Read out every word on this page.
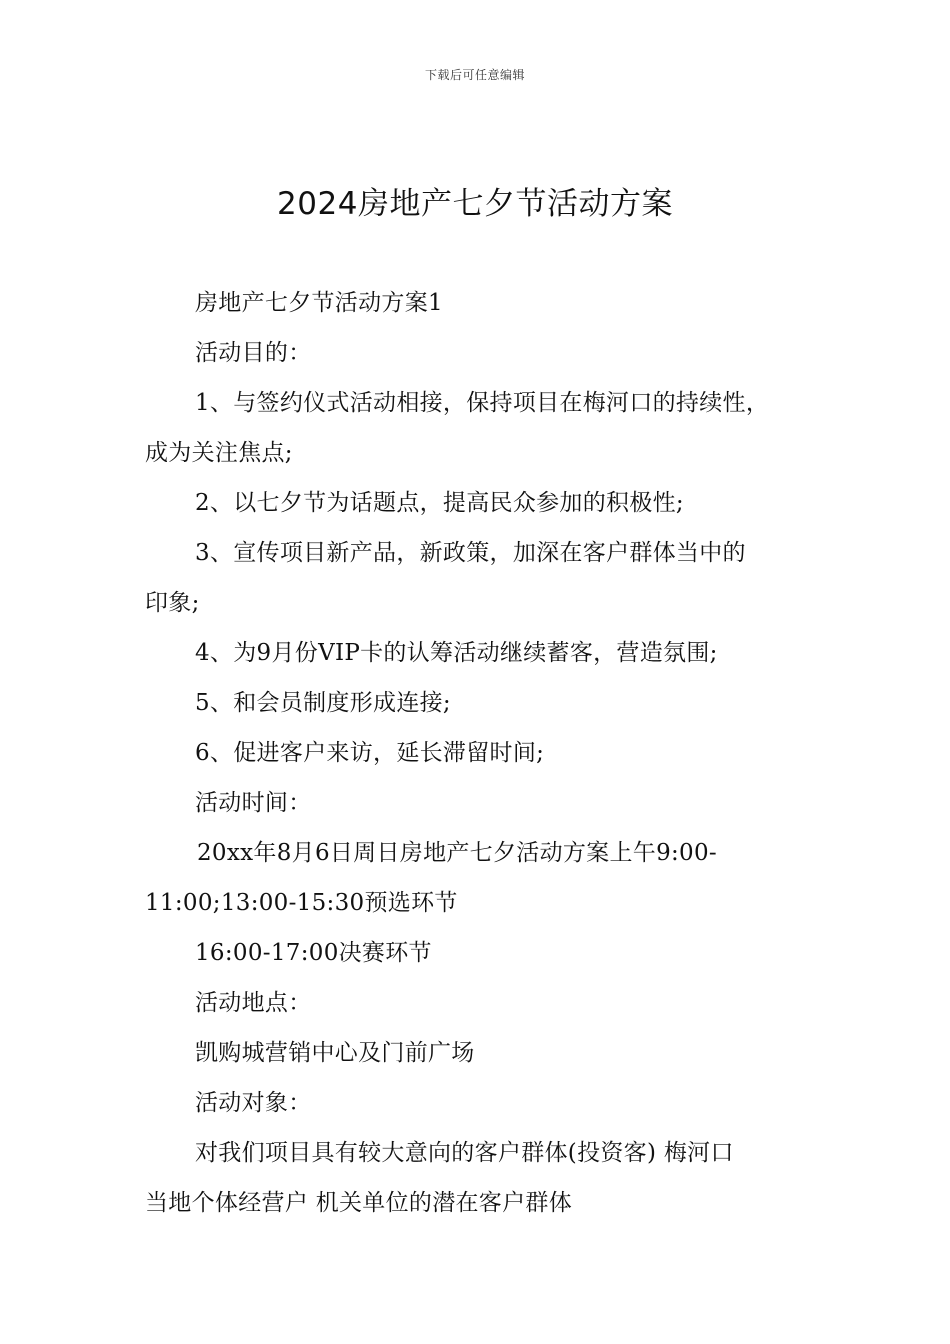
下载后可任意编辑
2024房地产七夕节活动方案
房地产七夕节活动方案1
活动目的：
1、与签约仪式活动相接，保持项目在梅河口的持续性，
成为关注焦点;
2、以七夕节为话题点，提高民众参加的积极性;
3、宣传项目新产品，新政策，加深在客户群体当中的
印象;
4、为9月份VIP卡的认筹活动继续蓄客，营造氛围;
5、和会员制度形成连接;
6、促进客户来访，延长滞留时间;
活动时间：
20xx年8月6日周日房地产七夕活动方案上午9:00-
11:00;13:00-15:30预选环节
16:00-17:00决赛环节
活动地点：
凯购城营销中心及门前广场
活动对象：
对我们项目具有较大意向的客户群体(投资客) 梅河口
当地个体经营户 机关单位的潜在客户群体
